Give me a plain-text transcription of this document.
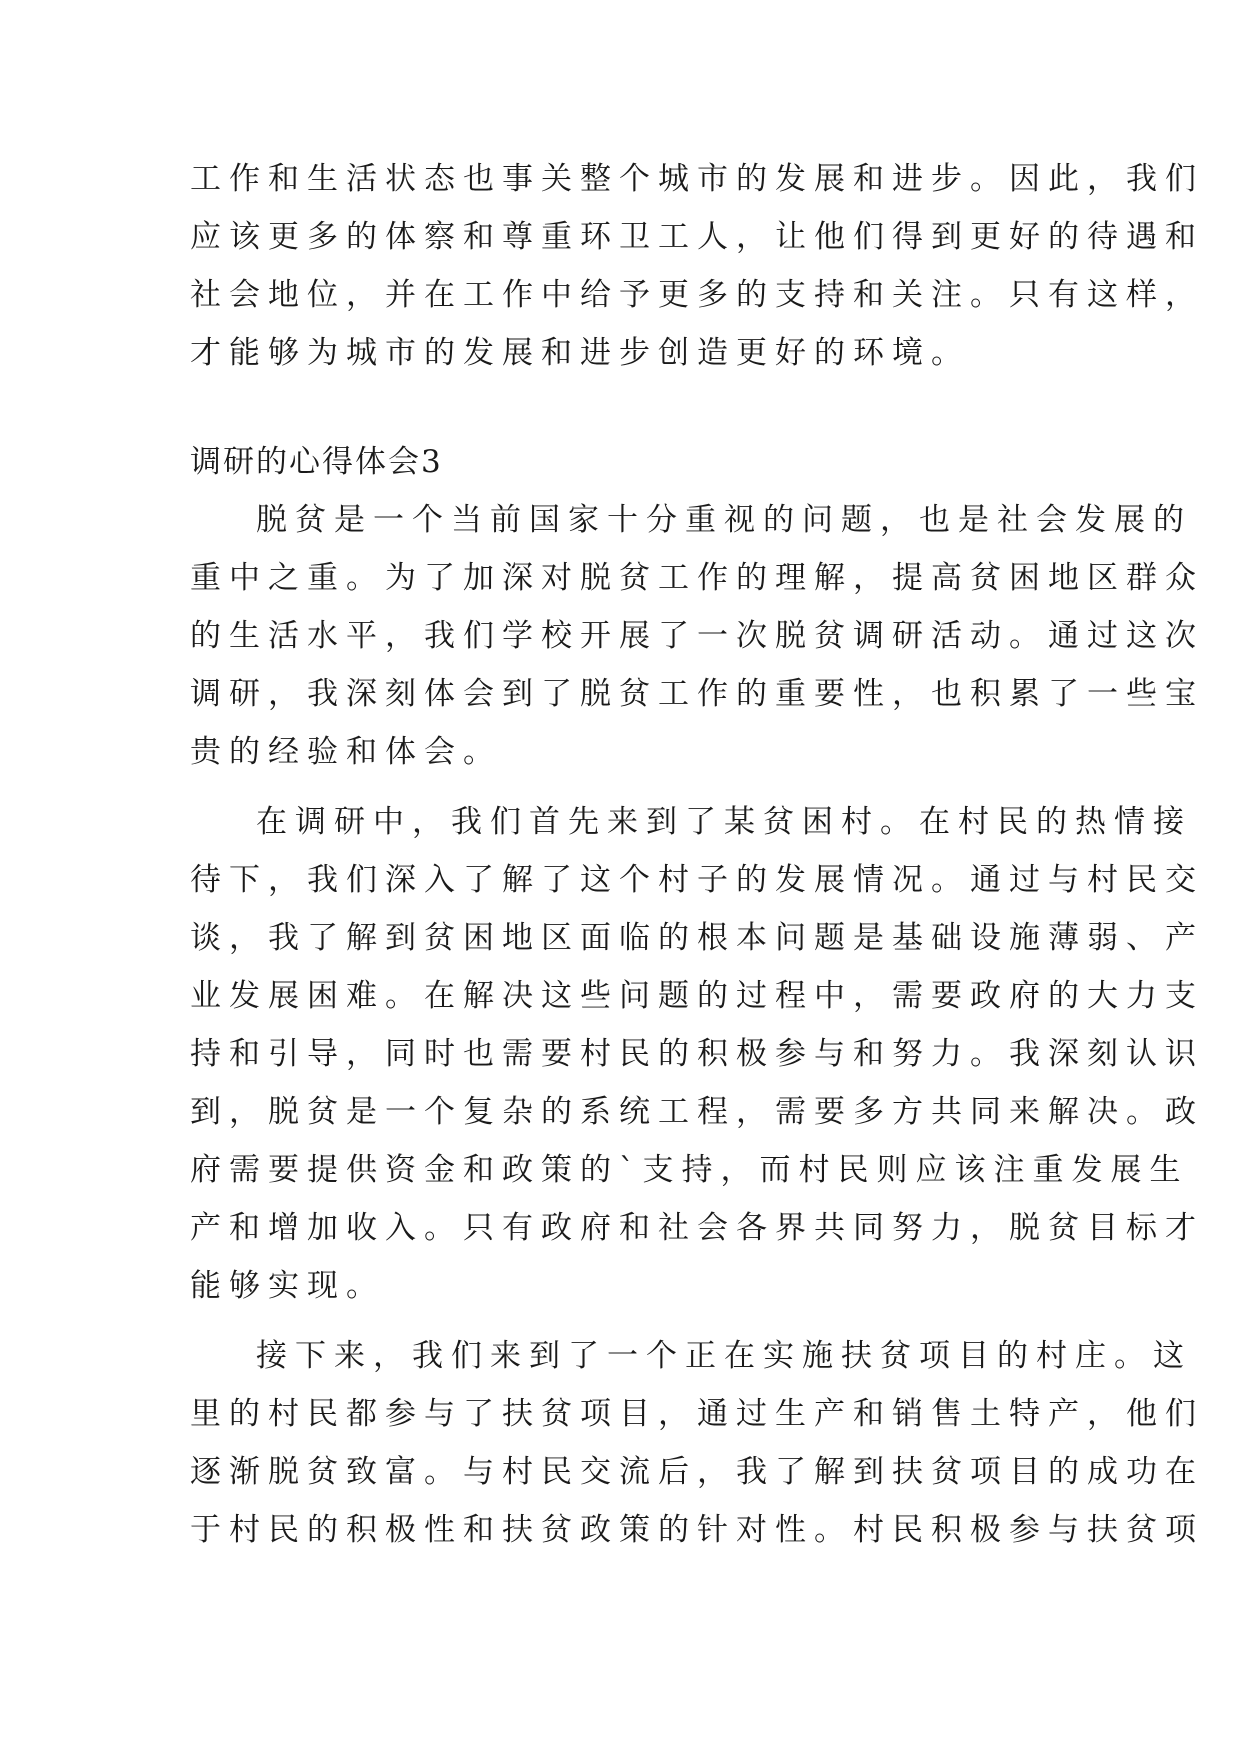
工作和生活状态也事关整个城市的发展和进步。因此，我们
应该更多的体察和尊重环卫工人，让他们得到更好的待遇和
社会地位，并在工作中给予更多的支持和关注。只有这样，
才能够为城市的发展和进步创造更好的环境。
调研的心得体会3
脱贫是一个当前国家十分重视的问题，也是社会发展的
重中之重。为了加深对脱贫工作的理解，提高贫困地区群众
的生活水平，我们学校开展了一次脱贫调研活动。通过这次
调研，我深刻体会到了脱贫工作的重要性，也积累了一些宝
贵的经验和体会。
在调研中，我们首先来到了某贫困村。在村民的热情接
待下，我们深入了解了这个村子的发展情况。通过与村民交
谈，我了解到贫困地区面临的根本问题是基础设施薄弱、产
业发展困难。在解决这些问题的过程中，需要政府的大力支
持和引导，同时也需要村民的积极参与和努力。我深刻认识
到，脱贫是一个复杂的系统工程，需要多方共同来解决。政
府需要提供资金和政策的`支持，而村民则应该注重发展生
产和增加收入。只有政府和社会各界共同努力，脱贫目标才
能够实现。
接下来，我们来到了一个正在实施扶贫项目的村庄。这
里的村民都参与了扶贫项目，通过生产和销售土特产，他们
逐渐脱贫致富。与村民交流后，我了解到扶贫项目的成功在
于村民的积极性和扶贫政策的针对性。村民积极参与扶贫项
